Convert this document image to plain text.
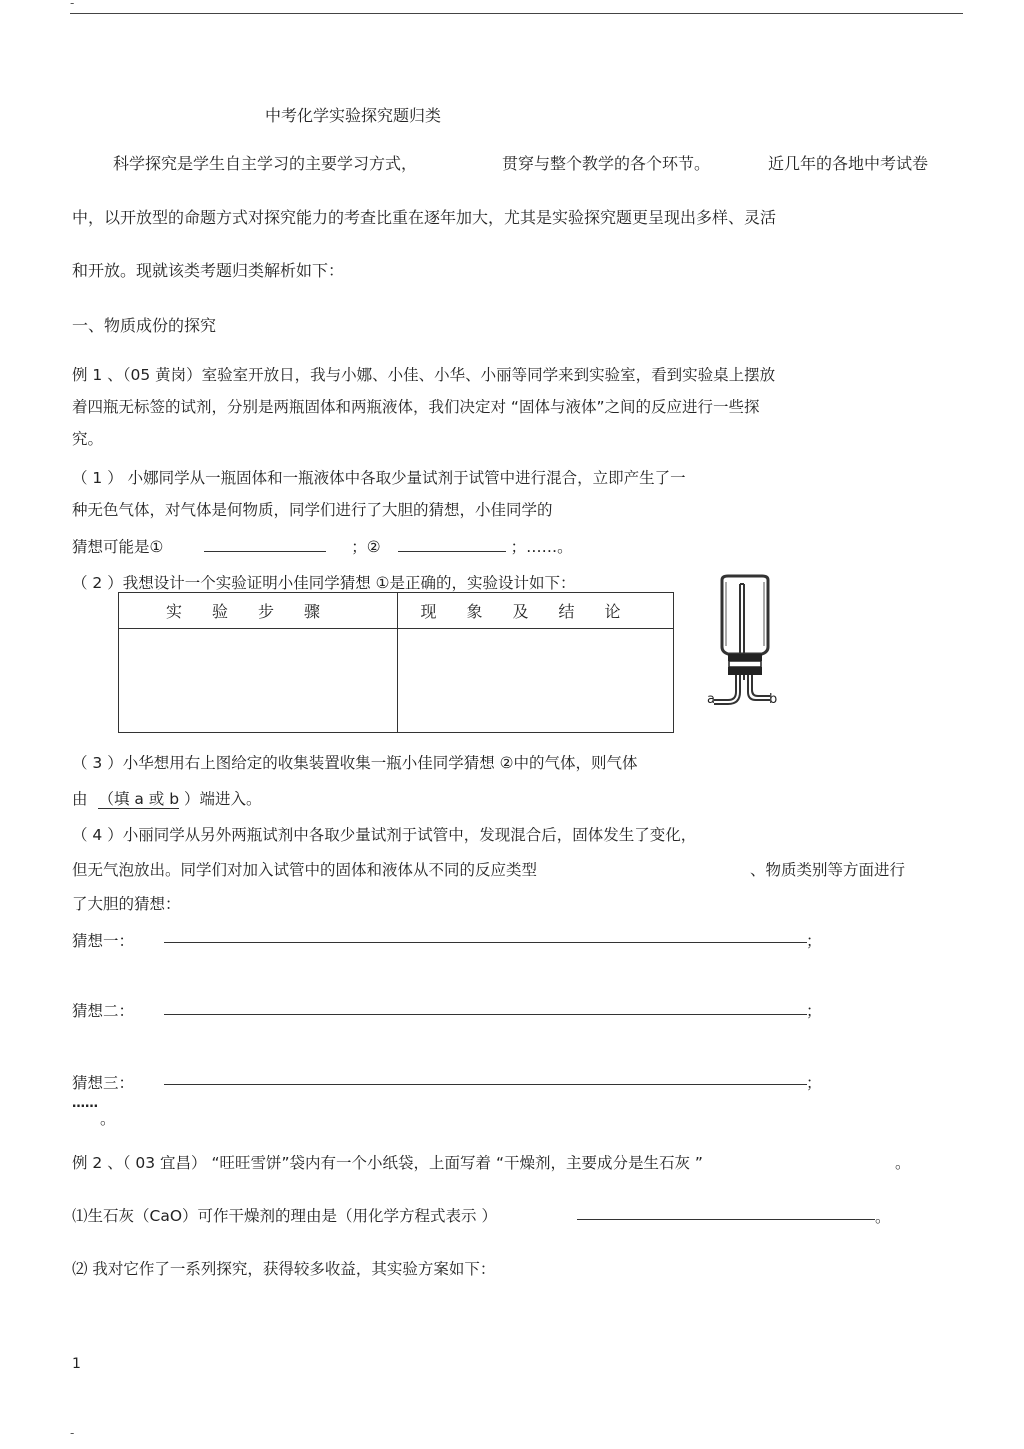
-
中考化学实验探究题归类
科学探究是学生自主学习的主要学习方式，	贯穿与整个教学的各个环节。	近几年的各地中考试卷
中，以开放型的命题方式对探究能力的考查比重在逐年加大，尤其是实验探究题更呈现出多样、灵活
和开放。现就该类考题归类解析如下：
一、物质成份的探究
例 1 、（05 黄岗）室验室开放日，我与小娜、小佳、小华、小丽等同学来到实验室，看到实验桌上摆放
着四瓶无标签的试剂，分别是两瓶固体和两瓶液体，我们决定对 “固体与液体”之间的反应进行一些探
究。
（ 1 ） 小娜同学从一瓶固体和一瓶液体中各取少量试剂于试管中进行混合，立即产生了一
种无色气体，对气体是何物质，同学们进行了大胆的猜想，小佳同学的
猜想可能是①	；②	；……。
（ 2 ）我想设计一个实验证明小佳同学猜想 ①是正确的，实验设计如下：
实验步骤	现象及结论

a	b
（ 3 ）小华想用右上图给定的收集装置收集一瓶小佳同学猜想 ②中的气体，则气体
由 （填 a 或 b ）端进入。
（ 4 ）小丽同学从另外两瓶试剂中各取少量试剂于试管中，发现混合后，固体发生了变化，
但无气泡放出。同学们对加入试管中的固体和液体从不同的反应类型	、物质类别等方面进行
了大胆的猜想：
猜想一：	；
猜想二：	；
猜想三：	；
……
。
例 2 、（ 03 宜昌） “旺旺雪饼”袋内有一个小纸袋，上面写着 “干燥剂，主要成分是生石灰 ”	。
⑴生石灰（CaO）可作干燥剂的理由是（用化学方程式表示 ）	。
⑵ 我对它作了一系列探究，获得较多收益，其实验方案如下：
1
-
